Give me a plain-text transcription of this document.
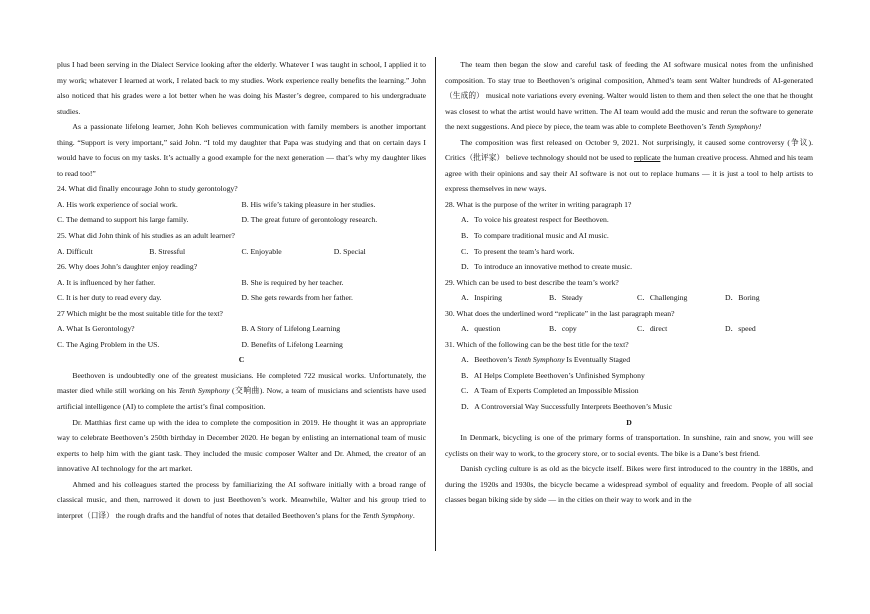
plus I had been serving in the Dialect Service looking after the elderly. Whatever I was taught in school, I applied it to my work; whatever I learned at work, I related back to my studies. Work experience really benefits the learning.” John also noticed that his grades were a lot better when he was doing his Master’s degree, compared to his undergraduate studies.
As a passionate lifelong learner, John Koh believes communication with family members is another important thing. “Support is very important,” said John. “I told my daughter that Papa was studying and that on certain days I would have to focus on my tasks. It’s actually a good example for the next generation — that’s why my daughter likes to read too!”
24. What did finally encourage John to study gerontology?
A. His work experience of social work.	B. His wife’s taking pleasure in her studies.
C. The demand to support his large family.	D. The great future of gerontology research.
25. What did John think of his studies as an adult learner?
A. Difficult	B. Stressful	C. Enjoyable	D. Special
26. Why does John’s daughter enjoy reading?
A. It is influenced by her father.	B. She is required by her teacher.
C. It is her duty to read every day.	D. She gets rewards from her father.
27 Which might be the most suitable title for the text?
A. What Is Gerontology?	B. A Story of Lifelong Learning
C. The Aging Problem in the US.	D. Benefits of Lifelong Learning
C
Beethoven is undoubtedly one of the greatest musicians. He completed 722 musical works. Unfortunately, the master died while still working on his Tenth Symphony (交响曲). Now, a team of musicians and scientists have used artificial intelligence (AI) to complete the artist’s final composition.
Dr. Matthias first came up with the idea to complete the composition in 2019. He thought it was an appropriate way to celebrate Beethoven’s 250th birthday in December 2020. He began by enlisting an international team of music experts to help him with the giant task. They included the music composer Walter and Dr. Ahmed, the creator of an innovative AI technology for the art market.
Ahmed and his colleagues started the process by familiarizing the AI software initially with a broad range of classical music, and then, narrowed it down to just Beethoven’s work. Meanwhile, Walter and his group tried to interpret（口译） the rough drafts and the handful of notes that detailed Beethoven’s plans for the Tenth Symphony.
The team then began the slow and careful task of feeding the AI software musical notes from the unfinished composition. To stay true to Beethoven’s original composition, Ahmed’s team sent Walter hundreds of AI-generated（生成的） musical note variations every evening. Walter would listen to them and then select the one that he thought was closest to what the artist would have written. The AI team would add the music and rerun the software to generate the next suggestions. And piece by piece, the team was able to complete Beethoven’s Tenth Symphony!
The composition was first released on October 9, 2021. Not surprisingly, it caused some controversy (争议). Critics（批评家） believe technology should not be used to replicate the human creative process. Ahmed and his team agree with their opinions and say their AI software is not out to replace humans — it is just a tool to help artists to express themselves in new ways.
28. What is the purpose of the writer in writing paragraph 1?
A．To voice his greatest respect for Beethoven.
B．To compare traditional music and AI music.
C．To present the team’s hard work.
D．To introduce an innovative method to create music.
29. Which can be used to best describe the team’s work?
A．Inspiring	B．Steady	C．Challenging	D．Boring
30. What does the underlined word “replicate” in the last paragraph mean?
A．question	B．copy	C．direct	D．speed
31. Which of the following can be the best title for the text?
A．Beethoven’s Tenth Symphony Is Eventually Staged
B．AI Helps Complete Beethoven’s Unfinished Symphony
C．A Team of Experts Completed an Impossible Mission
D．A Controversial Way Successfully Interprets Beethoven’s Music
D
In Denmark, bicycling is one of the primary forms of transportation. In sunshine, rain and snow, you will see cyclists on their way to work, to the grocery store, or to social events. The bike is a Dane’s best friend.
Danish cycling culture is as old as the bicycle itself. Bikes were first introduced to the country in the 1880s, and during the 1920s and 1930s, the bicycle became a widespread symbol of equality and freedom. People of all social classes began biking side by side — in the cities on their way to work and in the
